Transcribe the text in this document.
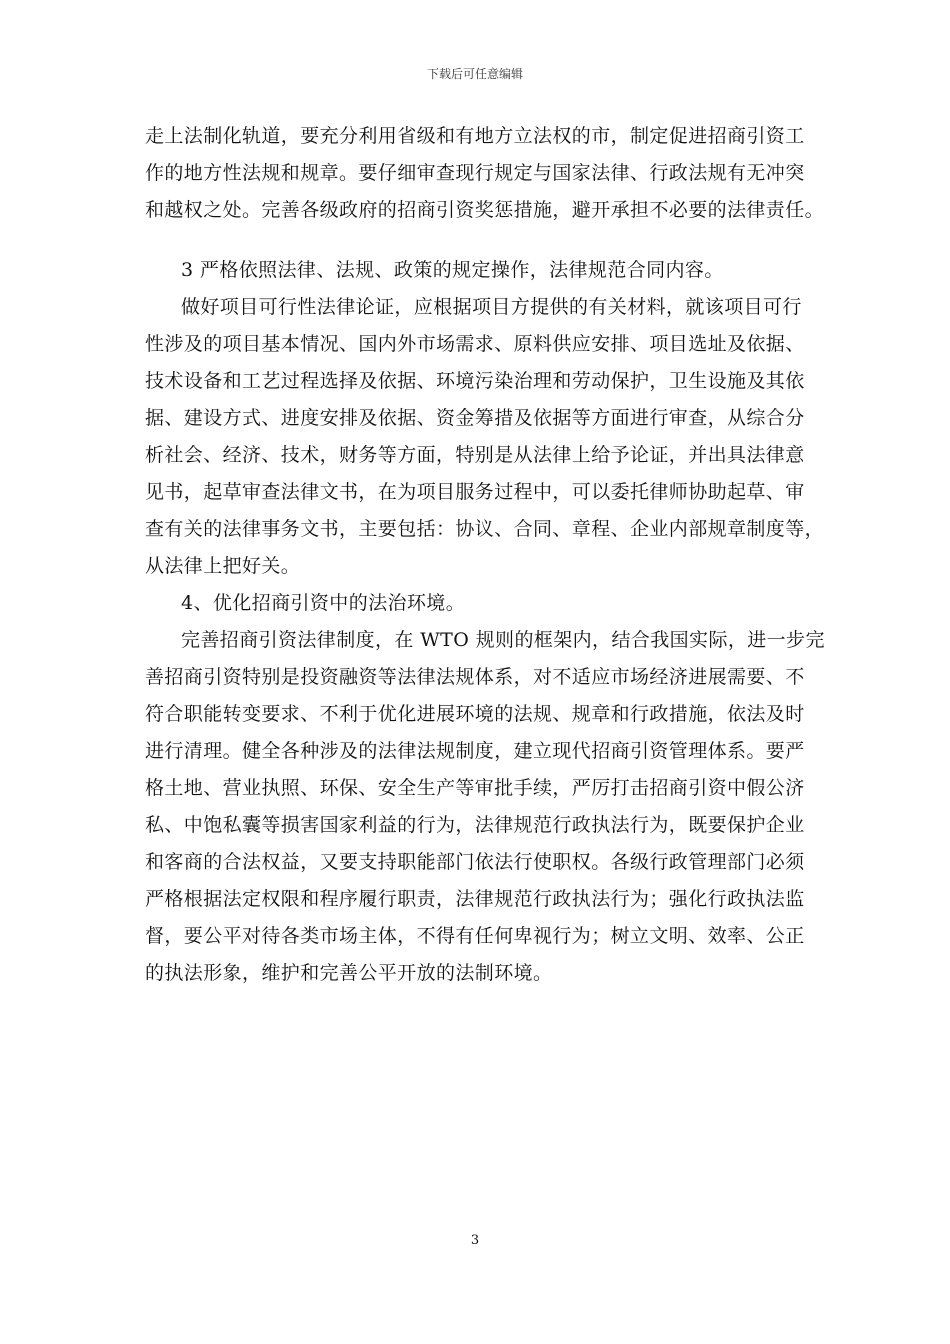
下载后可任意编辑
走上法制化轨道，要充分利用省级和有地方立法权的市，制定促进招商引资工
作的地方性法规和规章。要仔细审查现行规定与国家法律、行政法规有无冲突
和越权之处。完善各级政府的招商引资奖惩措施，避开承担不必要的法律责任。
3 严格依照法律、法规、政策的规定操作，法律规范合同内容。
做好项目可行性法律论证，应根据项目方提供的有关材料，就该项目可行
性涉及的项目基本情况、国内外市场需求、原料供应安排、项目选址及依据、
技术设备和工艺过程选择及依据、环境污染治理和劳动保护，卫生设施及其依
据、建设方式、进度安排及依据、资金筹措及依据等方面进行审查，从综合分
析社会、经济、技术，财务等方面，特别是从法律上给予论证，并出具法律意
见书，起草审查法律文书，在为项目服务过程中，可以委托律师协助起草、审
查有关的法律事务文书，主要包括：协议、合同、章程、企业内部规章制度等，
从法律上把好关。
4、优化招商引资中的法治环境。
完善招商引资法律制度，在 WTO 规则的框架内，结合我国实际，进一步完
善招商引资特别是投资融资等法律法规体系，对不适应市场经济进展需要、不
符合职能转变要求、不利于优化进展环境的法规、规章和行政措施，依法及时
进行清理。健全各种涉及的法律法规制度，建立现代招商引资管理体系。要严
格土地、营业执照、环保、安全生产等审批手续，严厉打击招商引资中假公济
私、中饱私囊等损害国家利益的行为，法律规范行政执法行为，既要保护企业
和客商的合法权益，又要支持职能部门依法行使职权。各级行政管理部门必须
严格根据法定权限和程序履行职责，法律规范行政执法行为；强化行政执法监
督，要公平对待各类市场主体，不得有任何卑视行为；树立文明、效率、公正
的执法形象，维护和完善公平开放的法制环境。
3
